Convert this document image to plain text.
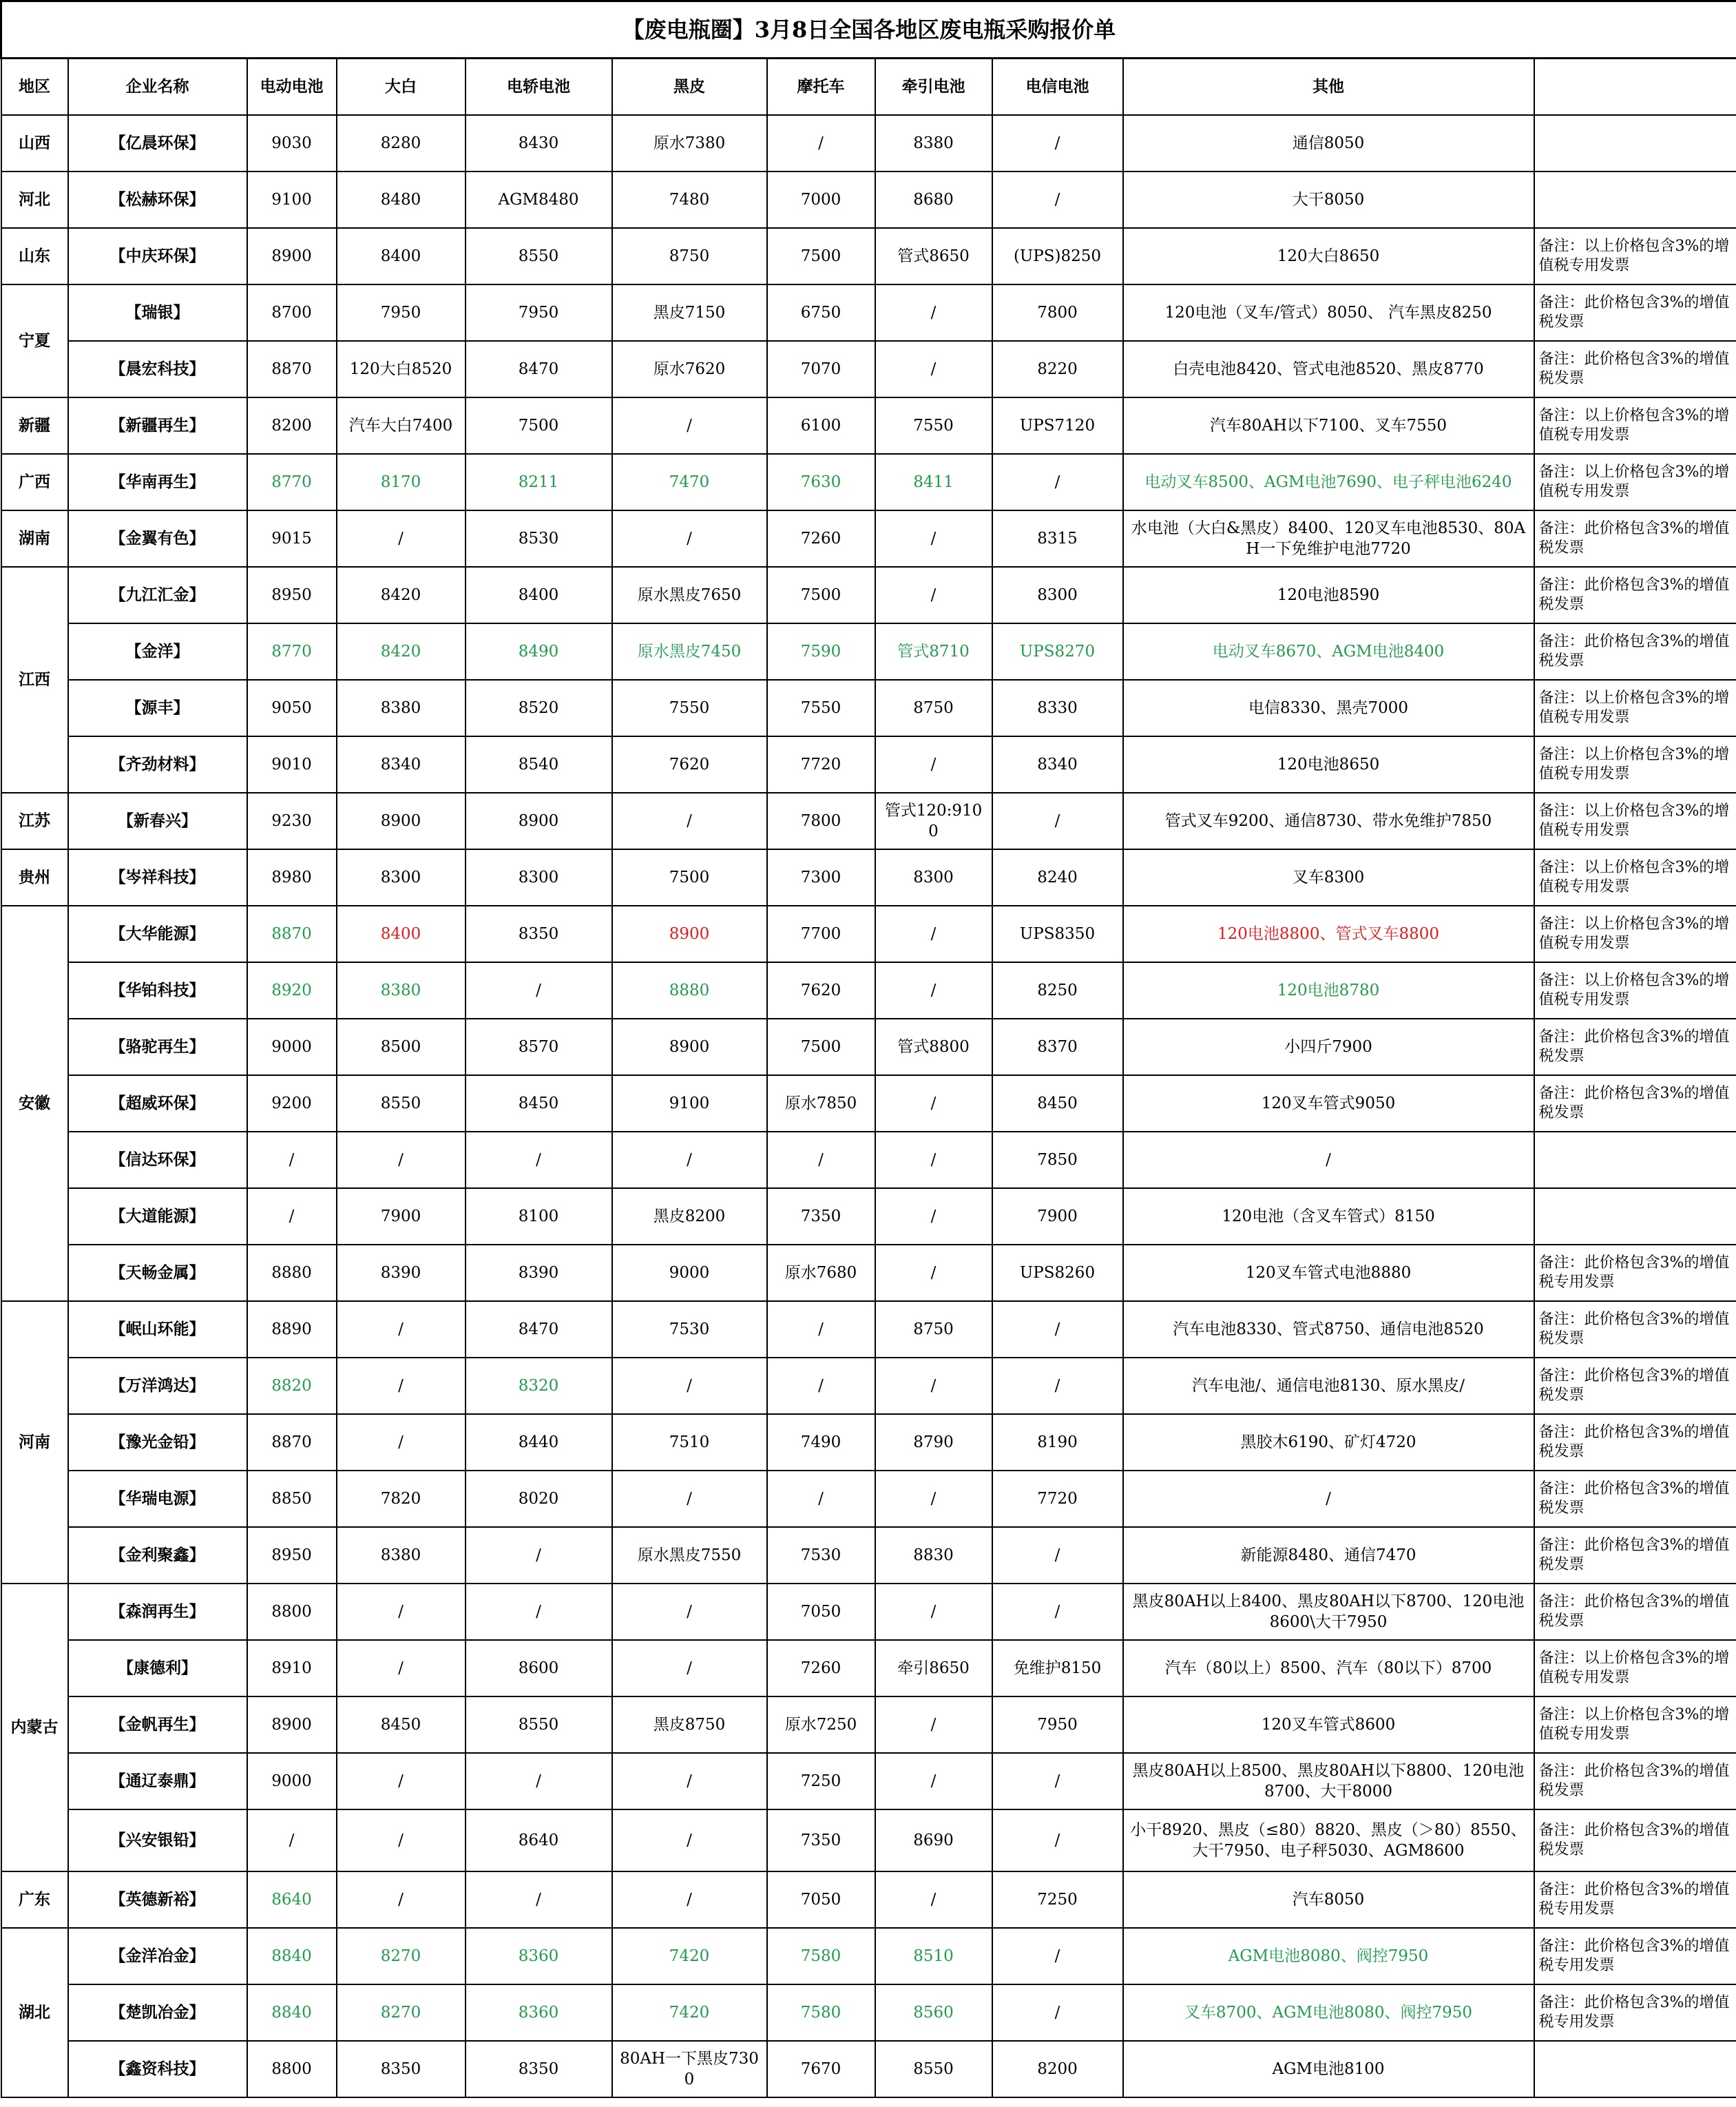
【废电瓶圈】3月8日全国各地区废电瓶采购报价单										
地区	企业名称	电动电池	大白	电轿电池	黑皮	摩托车	牵引电池	电信电池	其他	
山西	【亿晨环保】	9030	8280	8430	原水7380	/	8380	/	通信8050	
河北	【松赫环保】	9100	8480	AGM8480	7480	7000	8680	/	大干8050	
山东	【中庆环保】	8900	8400	8550	8750	7500	管式8650	(UPS)8250	120大白8650	备注：以上价格包含3%的增值税专用发票
宁夏	【瑞银】	8700	7950	7950	黑皮7150	6750	/	7800	120电池（叉车/管式）8050、 汽车黑皮8250	备注：此价格包含3%的增值税发票
	【晨宏科技】	8870	120大白8520	8470	原水7620	7070	/	8220	白壳电池8420、管式电池8520、黑皮8770	备注：此价格包含3%的增值税发票
新疆	【新疆再生】	8200	汽车大白7400	7500	/	6100	7550	UPS7120	汽车80AH以下7100、叉车7550	备注：以上价格包含3%的增值税专用发票
广西	【华南再生】	8770	8170	8211	7470	7630	8411	/	电动叉车8500、AGM电池7690、电子秤电池6240	备注：以上价格包含3%的增值税专用发票
湖南	【金翼有色】	9015	/	8530	/	7260	/	8315	水电池（大白&黑皮）8400、120叉车电池8530、80AH一下免维护电池7720	备注：此价格包含3%的增值税发票
江西	【九江汇金】	8950	8420	8400	原水黑皮7650	7500	/	8300	120电池8590	备注：此价格包含3%的增值税发票
	【金洋】	8770	8420	8490	原水黑皮7450	7590	管式8710	UPS8270	电动叉车8670、AGM电池8400	备注：此价格包含3%的增值税发票
	【源丰】	9050	8380	8520	7550	7550	8750	8330	电信8330、黑壳7000	备注：以上价格包含3%的增值税专用发票
	【齐劲材料】	9010	8340	8540	7620	7720	/	8340	120电池8650	备注：以上价格包含3%的增值税专用发票
江苏	【新春兴】	9230	8900	8900	/	7800	管式120:9100	/	管式叉车9200、通信8730、带水免维护7850	备注：以上价格包含3%的增值税专用发票
贵州	【岑祥科技】	8980	8300	8300	7500	7300	8300	8240	叉车8300	备注：以上价格包含3%的增值税专用发票
安徽	【大华能源】	8870	8400	8350	8900	7700	/	UPS8350	120电池8800、管式叉车8800	备注：以上价格包含3%的增值税专用发票
	【华铂科技】	8920	8380	/	8880	7620	/	8250	120电池8780	备注：以上价格包含3%的增值税专用发票
	【骆驼再生】	9000	8500	8570	8900	7500	管式8800	8370	小四斤7900	备注：此价格包含3%的增值税发票
	【超威环保】	9200	8550	8450	9100	原水7850	/	8450	120叉车管式9050	备注：此价格包含3%的增值税发票
	【信达环保】	/	/	/	/	/	/	7850	/	
	【大道能源】	/	7900	8100	黑皮8200	7350	/	7900	120电池（含叉车管式）8150	
	【天畅金属】	8880	8390	8390	9000	原水7680	/	UPS8260	120叉车管式电池8880	备注：此价格包含3%的增值税专用发票
河南	【岷山环能】	8890	/	8470	7530	/	8750	/	汽车电池8330、管式8750、通信电池8520	备注：此价格包含3%的增值税发票
	【万洋鸿达】	8820	/	8320	/	/	/	/	汽车电池/、通信电池8130、原水黑皮/	备注：此价格包含3%的增值税发票
	【豫光金铅】	8870	/	8440	7510	7490	8790	8190	黑胶木6190、矿灯4720	备注：此价格包含3%的增值税发票
	【华瑞电源】	8850	7820	8020	/	/	/	7720	/	备注：此价格包含3%的增值税发票
	【金利聚鑫】	8950	8380	/	原水黑皮7550	7530	8830	/	新能源8480、通信7470	备注：此价格包含3%的增值税发票
内蒙古	【森润再生】	8800	/	/	/	7050	/	/	黑皮80AH以上8400、黑皮80AH以下8700、120电池8600\大干7950	备注：此价格包含3%的增值税发票
	【康德利】	8910	/	8600	/	7260	牵引8650	免维护8150	汽车（80以上）8500、汽车（80以下）8700	备注：以上价格包含3%的增值税专用发票
	【金帆再生】	8900	8450	8550	黑皮8750	原水7250	/	7950	120叉车管式8600	备注：以上价格包含3%的增值税专用发票
	【通辽泰鼎】	9000	/	/	/	7250	/	/	黑皮80AH以上8500、黑皮80AH以下8800、120电池8700、大干8000	备注：此价格包含3%的增值税发票
	【兴安银铅】	/	/	8640	/	7350	8690	/	小干8920、黑皮（≤80）8820、黑皮（＞80）8550、大干7950、电子秤5030、AGM8600	备注：此价格包含3%的增值税发票
广东	【英德新裕】	8640	/	/	/	7050	/	7250	汽车8050	备注：此价格包含3%的增值税专用发票
湖北	【金洋冶金】	8840	8270	8360	7420	7580	8510	/	AGM电池8080、阀控7950	备注：此价格包含3%的增值税专用发票
	【楚凯冶金】	8840	8270	8360	7420	7580	8560	/	叉车8700、AGM电池8080、阀控7950	备注：此价格包含3%的增值税专用发票
	【鑫资科技】	8800	8350	8350	80AH一下黑皮7300	7670	8550	8200	AGM电池8100	
